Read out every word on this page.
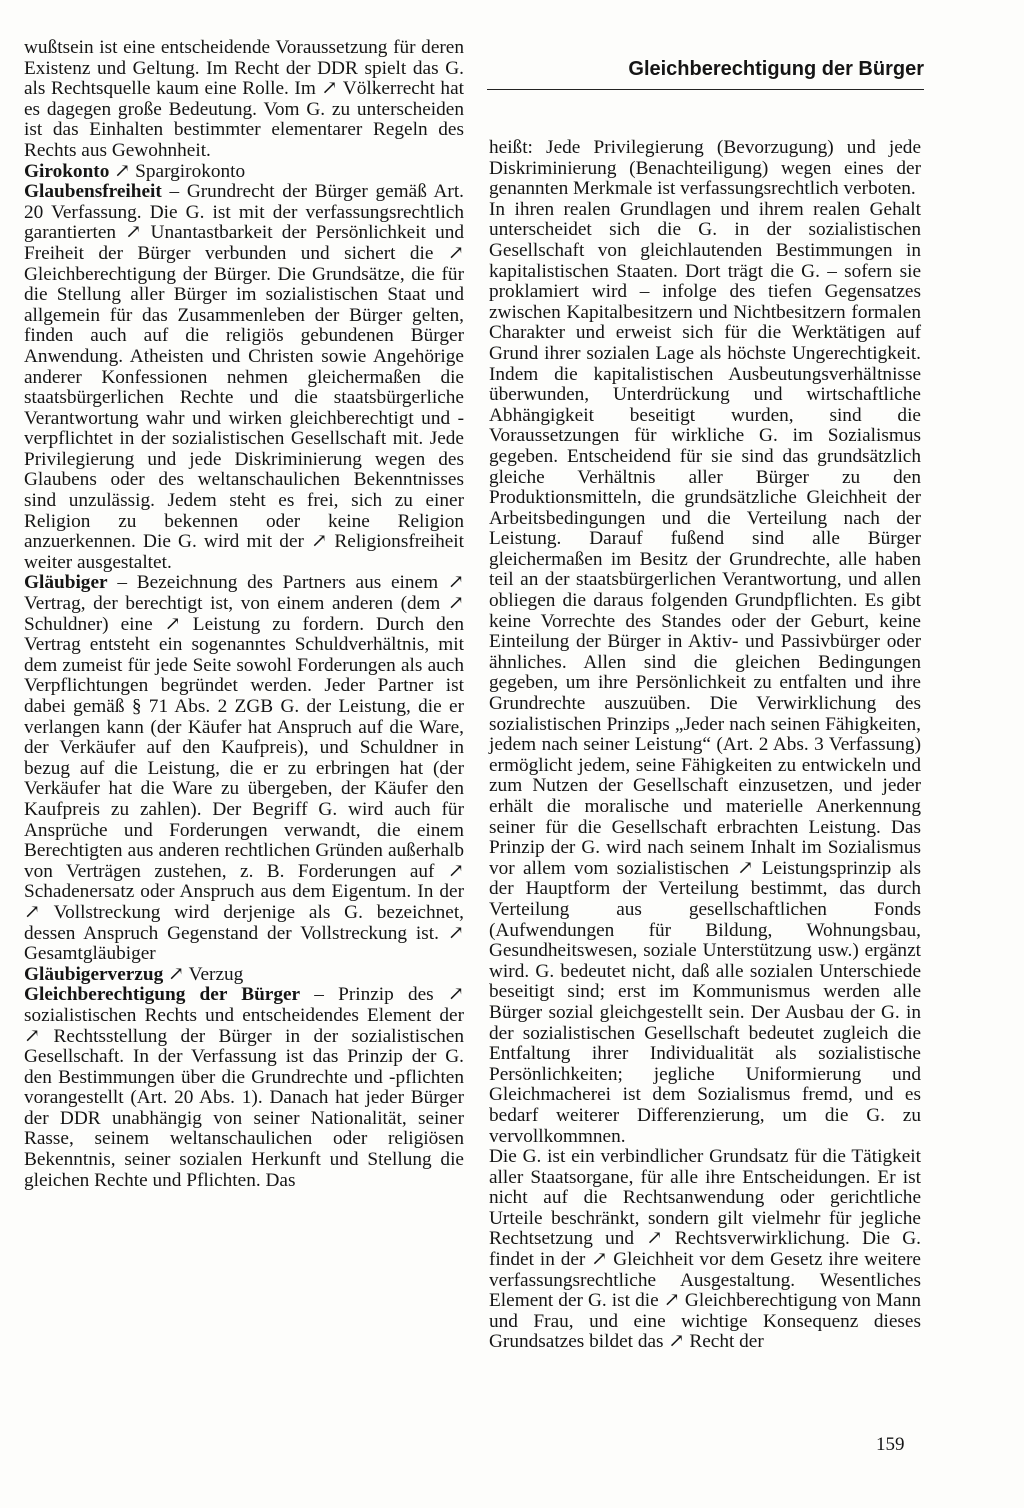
Gleichberechtigung der Bürger

wußtsein ist eine entscheidende Voraussetzung für deren Existenz und Geltung. Im Recht der DDR spielt das G. als Rechtsquelle kaum eine Rolle. Im ↗ Völkerrecht hat es dagegen große Bedeutung. Vom G. zu unterscheiden ist das Einhalten bestimmter elementarer Regeln des Rechts aus Gewohnheit.

Girokonto ↗ Spargirokonto

Glaubensfreiheit – Grundrecht der Bürger gemäß Art. 20 Verfassung. Die G. ist mit der verfassungsrechtlich garantierten ↗ Unantastbarkeit der Persönlichkeit und Freiheit der Bürger verbunden und sichert die ↗ Gleichberechtigung der Bürger. Die Grundsätze, die für die Stellung aller Bürger im sozialistischen Staat und allgemein für das Zusammenleben der Bürger gelten, finden auch auf die religiös gebundenen Bürger Anwendung. Atheisten und Christen sowie Angehörige anderer Konfessionen nehmen gleichermaßen die staatsbürgerlichen Rechte und die staatsbürgerliche Verantwortung wahr und wirken gleichberechtigt und -verpflichtet in der sozialistischen Gesellschaft mit. Jede Privilegierung und jede Diskriminierung wegen des Glaubens oder des weltanschaulichen Bekenntnisses sind unzulässig. Jedem steht es frei, sich zu einer Religion zu bekennen oder keine Religion anzuerkennen. Die G. wird mit der ↗ Religionsfreiheit weiter ausgestaltet.

Gläubiger – Bezeichnung des Partners aus einem ↗ Vertrag, der berechtigt ist, von einem anderen (dem ↗ Schuldner) eine ↗ Leistung zu fordern. Durch den Vertrag entsteht ein sogenanntes Schuldverhältnis, mit dem zumeist für jede Seite sowohl Forderungen als auch Verpflichtungen begründet werden. Jeder Partner ist dabei gemäß § 71 Abs. 2 ZGB G. der Leistung, die er verlangen kann (der Käufer hat Anspruch auf die Ware, der Verkäufer auf den Kaufpreis), und Schuldner in bezug auf die Leistung, die er zu erbringen hat (der Verkäufer hat die Ware zu übergeben, der Käufer den Kaufpreis zu zahlen). Der Begriff G. wird auch für Ansprüche und Forderungen verwandt, die einem Berechtigten aus anderen rechtlichen Gründen außerhalb von Verträgen zustehen, z. B. Forderungen auf ↗ Schadenersatz oder Anspruch aus dem Eigentum. In der ↗ Vollstreckung wird derjenige als G. bezeichnet, dessen Anspruch Gegenstand der Vollstreckung ist. ↗ Gesamtgläubiger

Gläubigerverzug ↗ Verzug

Gleichberechtigung der Bürger – Prinzip des ↗ sozialistischen Rechts und entscheidendes Element der ↗ Rechtsstellung der Bürger in der sozialistischen Gesellschaft. In der Verfassung ist das Prinzip der G. den Bestimmungen über die Grundrechte und -pflichten vorangestellt (Art. 20 Abs. 1). Danach hat jeder Bürger der DDR unabhängig von seiner Nationalität, seiner Rasse, seinem weltanschaulichen oder religiösen Bekenntnis, seiner sozialen Herkunft und Stellung die gleichen Rechte und Pflichten. Das

heißt: Jede Privilegierung (Bevorzugung) und jede Diskriminierung (Benachteiligung) wegen eines der genannten Merkmale ist verfassungsrechtlich verboten.

In ihren realen Grundlagen und ihrem realen Gehalt unterscheidet sich die G. in der sozialistischen Gesellschaft von gleichlautenden Bestimmungen in kapitalistischen Staaten. Dort trägt die G. – sofern sie proklamiert wird – infolge des tiefen Gegensatzes zwischen Kapitalbesitzern und Nichtbesitzern formalen Charakter und erweist sich für die Werktätigen auf Grund ihrer sozialen Lage als höchste Ungerechtigkeit. Indem die kapitalistischen Ausbeutungsverhältnisse überwunden, Unterdrückung und wirtschaftliche Abhängigkeit beseitigt wurden, sind die Voraussetzungen für wirkliche G. im Sozialismus gegeben. Entscheidend für sie sind das grundsätzlich gleiche Verhältnis aller Bürger zu den Produktionsmitteln, die grundsätzliche Gleichheit der Arbeitsbedingungen und die Verteilung nach der Leistung. Darauf fußend sind alle Bürger gleichermaßen im Besitz der Grundrechte, alle haben teil an der staatsbürgerlichen Verantwortung, und allen obliegen die daraus folgenden Grundpflichten. Es gibt keine Vorrechte des Standes oder der Geburt, keine Einteilung der Bürger in Aktiv- und Passivbürger oder ähnliches. Allen sind die gleichen Bedingungen gegeben, um ihre Persönlichkeit zu entfalten und ihre Grundrechte auszuüben. Die Verwirklichung des sozialistischen Prinzips „Jeder nach seinen Fähigkeiten, jedem nach seiner Leistung“ (Art. 2 Abs. 3 Verfassung) ermöglicht jedem, seine Fähigkeiten zu entwickeln und zum Nutzen der Gesellschaft einzusetzen, und jeder erhält die moralische und materielle Anerkennung seiner für die Gesellschaft erbrachten Leistung. Das Prinzip der G. wird nach seinem Inhalt im Sozialismus vor allem vom sozialistischen ↗ Leistungsprinzip als der Hauptform der Verteilung bestimmt, das durch Verteilung aus gesellschaftlichen Fonds (Aufwendungen für Bildung, Wohnungsbau, Gesundheitswesen, soziale Unterstützung usw.) ergänzt wird. G. bedeutet nicht, daß alle sozialen Unterschiede beseitigt sind; erst im Kommunismus werden alle Bürger sozial gleichgestellt sein. Der Ausbau der G. in der sozialistischen Gesellschaft bedeutet zugleich die Entfaltung ihrer Individualität als sozialistische Persönlichkeiten; jegliche Uniformierung und Gleichmacherei ist dem Sozialismus fremd, und es bedarf weiterer Differenzierung, um die G. zu vervollkommnen.

Die G. ist ein verbindlicher Grundsatz für die Tätigkeit aller Staatsorgane, für alle ihre Entscheidungen. Er ist nicht auf die Rechtsanwendung oder gerichtliche Urteile beschränkt, sondern gilt vielmehr für jegliche Rechtsetzung und ↗ Rechtsverwirklichung. Die G. findet in der ↗ Gleichheit vor dem Gesetz ihre weitere verfassungsrechtliche Ausgestaltung. Wesentliches Element der G. ist die ↗ Gleichberechtigung von Mann und Frau, und eine wichtige Konsequenz dieses Grundsatzes bildet das ↗ Recht der

159
